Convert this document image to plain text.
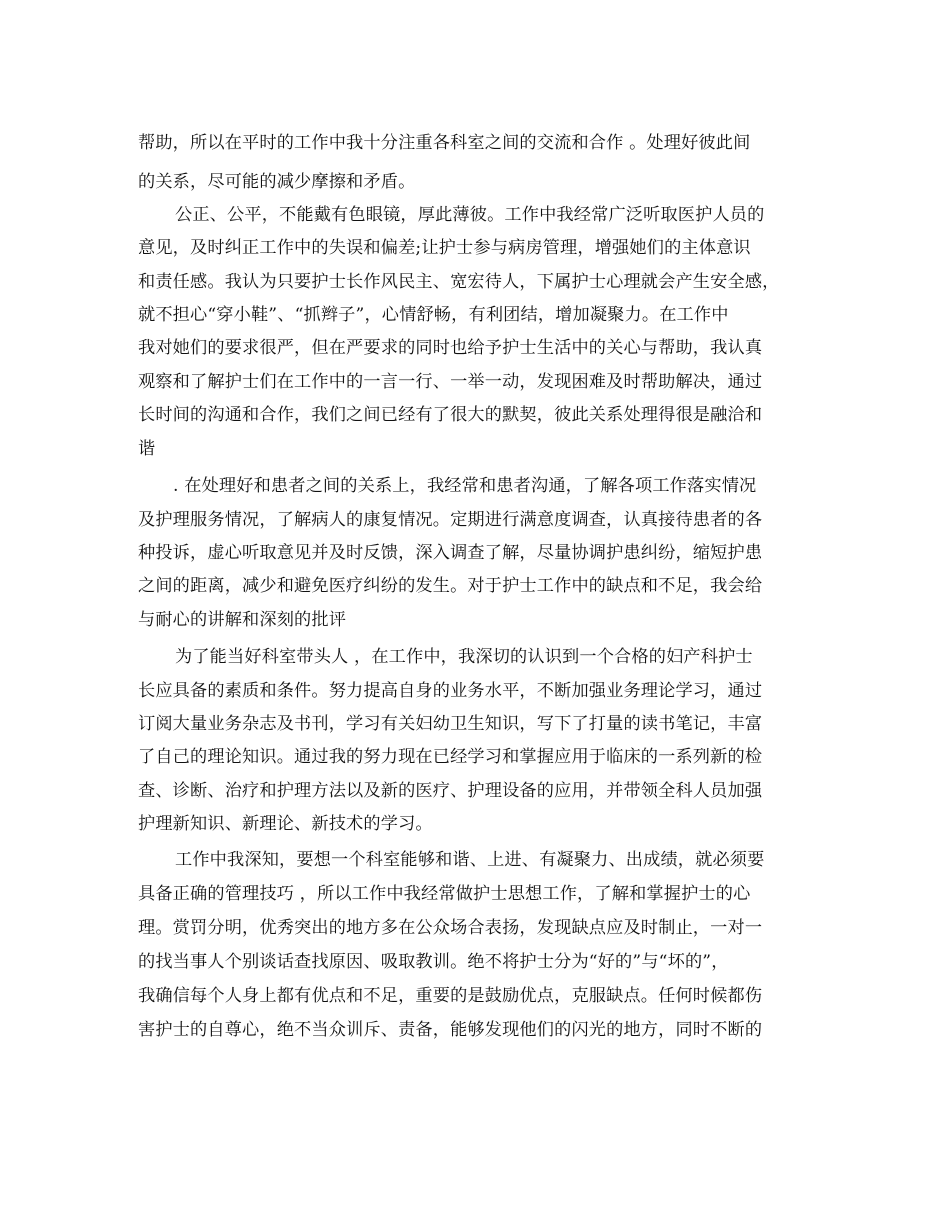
帮助，所以在平时的工作中我十分注重各科室之间的交流和合作 。处理好彼此间
的关系，尽可能的减少摩擦和矛盾。
公正、公平，不能戴有色眼镜，厚此薄彼。工作中我经常广泛听取医护人员的
意见，及时纠正工作中的失误和偏差;让护士参与病房管理，增强她们的主体意识
和责任感。我认为只要护士长作风民主、宽宏待人，下属护士心理就会产生安全感，
就不担心“穿小鞋”、“抓辫子”，心情舒畅，有利团结，增加凝聚力。在工作中
我对她们的要求很严，但在严要求的同时也给予护士生活中的关心与帮助，我认真
观察和了解护士们在工作中的一言一行、一举一动，发现困难及时帮助解决，通过
长时间的沟通和合作，我们之间已经有了很大的默契，彼此关系处理得很是融洽和
谐
. 在处理好和患者之间的关系上，我经常和患者沟通，了解各项工作落实情况
及护理服务情况，了解病人的康复情况。定期进行满意度调查，认真接待患者的各
种投诉，虚心听取意见并及时反馈，深入调查了解，尽量协调护患纠纷，缩短护患
之间的距离，减少和避免医疗纠纷的发生。对于护士工作中的缺点和不足，我会给
与耐心的讲解和深刻的批评
为了能当好科室带头人 ，在工作中，我深切的认识到一个合格的妇产科护士
长应具备的素质和条件。努力提高自身的业务水平，不断加强业务理论学习，通过
订阅大量业务杂志及书刊，学习有关妇幼卫生知识，写下了打量的读书笔记，丰富
了自己的理论知识。通过我的努力现在已经学习和掌握应用于临床的一系列新的检
查、诊断、治疗和护理方法以及新的医疗、护理设备的应用，并带领全科人员加强
护理新知识、新理论、新技术的学习。
工作中我深知，要想一个科室能够和谐、上进、有凝聚力、出成绩，就必须要
具备正确的管理技巧 ，所以工作中我经常做护士思想工作，了解和掌握护士的心
理。赏罚分明，优秀突出的地方多在公众场合表扬，发现缺点应及时制止，一对一
的找当事人个别谈话查找原因、吸取教训。绝不将护士分为“好的”与“坏的”，
我确信每个人身上都有优点和不足，重要的是鼓励优点，克服缺点。任何时候都伤
害护士的自尊心，绝不当众训斥、责备，能够发现他们的闪光的地方，同时不断的
